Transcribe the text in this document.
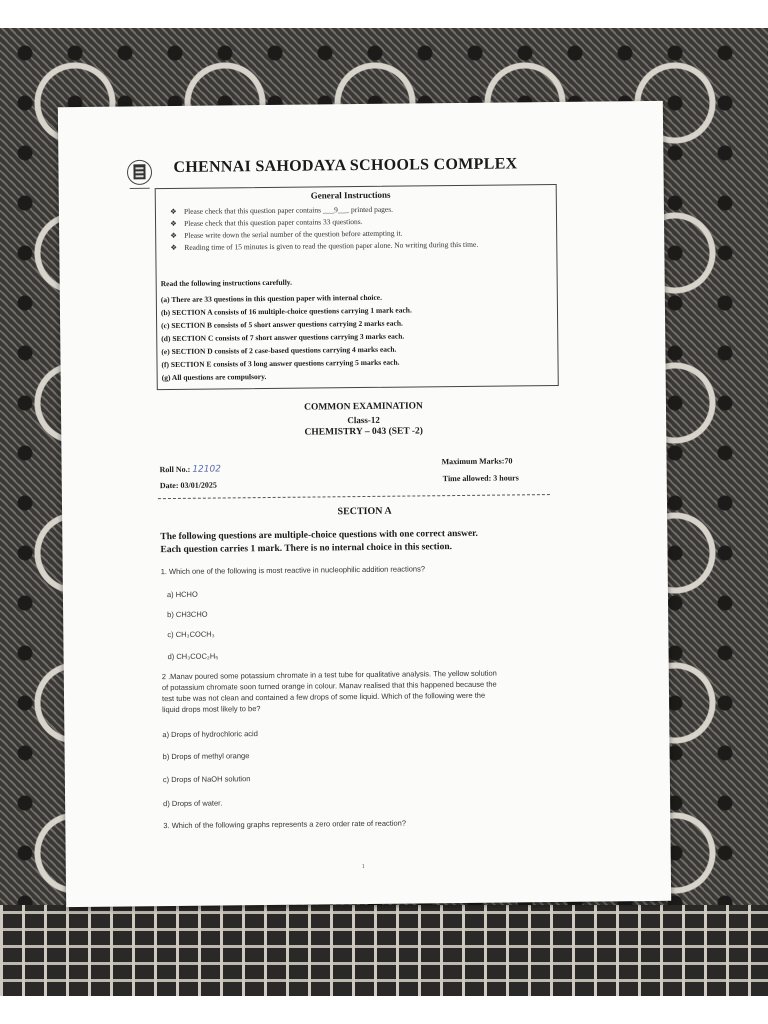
CHENNAI SAHODAYA SCHOOLS COMPLEX
General Instructions
❖ Please check that this question paper contains ___9___ printed pages.
❖ Please check that this question paper contains 33 questions.
❖ Please write down the serial number of the question before attempting it.
❖ Reading time of 15 minutes is given to read the question paper alone. No writing during this time.
Read the following instructions carefully.
(a) There are 33 questions in this question paper with internal choice.
(b) SECTION A consists of 16 multiple-choice questions carrying 1 mark each.
(c) SECTION B consists of 5 short answer questions carrying 2 marks each.
(d) SECTION C consists of 7 short answer questions carrying 3 marks each.
(e) SECTION D consists of 2 case-based questions carrying 4 marks each.
(f) SECTION E consists of 3 long answer questions carrying 5 marks each.
(g) All questions are compulsory.
COMMON EXAMINATION
Class-12
CHEMISTRY – 043 (SET -2)
Roll No.: 12102
Date: 03/01/2025
Maximum Marks:70
Time allowed: 3 hours
SECTION A
The following questions are multiple-choice questions with one correct answer.
Each question carries 1 mark. There is no internal choice in this section.
1. Which one of the following is most reactive in nucleophilic addition reactions?
a) HCHO
b) CH3CHO
c) CH₃COCH₃
d) CH₃COC₂H₅
2 .Manav poured some potassium chromate in a test tube for qualitative analysis. The yellow solution
of potassium chromate soon turned orange in colour. Manav realised that this happened because the
test tube was not clean and contained a few drops of some liquid. Which of the following were the
liquid drops most likely to be?
a) Drops of hydrochloric acid
b) Drops of methyl orange
c) Drops of NaOH solution
d) Drops of water.
3. Which of the following graphs represents a zero order rate of reaction?
1
